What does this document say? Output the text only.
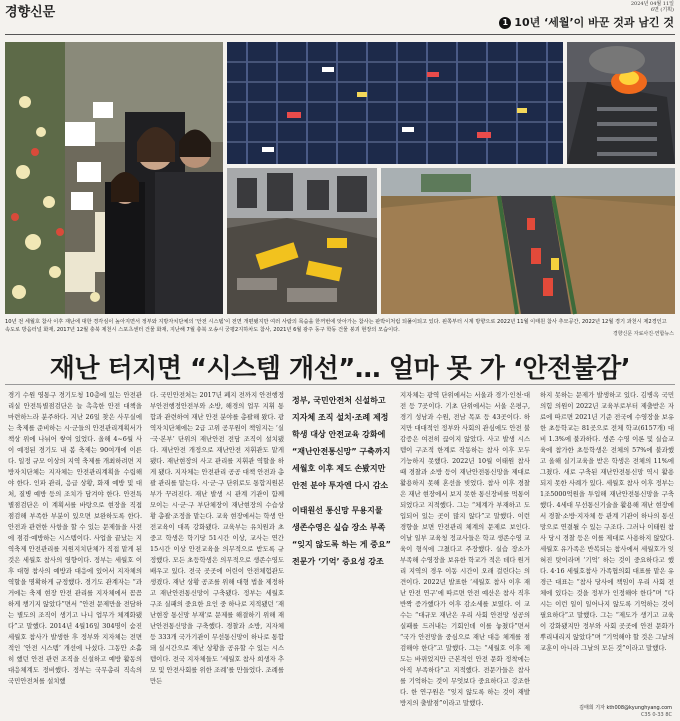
경향신문
2024년 04월 11일
6면 (기획)
1 10년 ‘세월’이 바꾼 것과 남긴 것
10년 전 세월호 참사 이후 재난에 대한 경각심이 높아지면서 정부와 지방자치단체의 ‘안전 시스템’이 전면 개편됐지만 여러 사람의 목숨을 한꺼번에 앗아가는 참사는 판박이처럼 되풀이되고 있다. 왼쪽부터 시계 방향으로 2022년 11월 이태원 참사 추모공간, 2022년 12월 경기 과천시 제2경인고
속도로 방음터널 화재, 2017년 12월 충북 제천시 스포츠센터 건물 화재, 지난해 7월 충북 오송시 궁평2지하차도 참사, 2021년 6월 광주 동구 학동 건물 붕괴 현장의 모습이다.
경향신문 자료사진·연합뉴스
재난 터지면 “시스템 개선”… 얼마 못 가 ‘안전불감’
경기 수원 영통구 경기도청 10층에 있는 안전관리실 안전특별점검단은 늘 촉촉한 안전 대책을 마련하느라 분주하다. 지난 26일 찾은 사무실에는 축제를 준비하는 시·군들의 안전관리계획서가 책상 위에 나뉘어 쌓여 있었다. 올해 4~6월 사이 예정된 경기도 내 봄 축제는 90여개에 이른다. 일정 규모 이상의 지역 축제를 개최하려면 지방자치단체는 지자체는 안전관리계획을 수립해야 한다. 인파 관리, 응급 상황, 화재 예방 및 대처, 질병 예방 등의 조치가 담겨야 한다. 안전특별점검단은 이 계획서를 바탕으로 현장을 직접 점검해 부족한 부분이 있으면 보완하도록 한다. 안전과 관련한 사항을 할 수 있는 문제들을 사전에 점검·예방하는 시스템이다. 사업을 끝났는 지역축제 안전관리를 지원지치단체가 직접 맡게 된 것은 세월호 참사의 영향이다. 정부는 세월호 이후 대형 참사의 예방과 대응에 있어서 지자체의 역할을 명확하게 규정했다. 경기도 관계자는 “과거에는 축제 현장 안전 관리를 지자체에서 꼼꼼하게 챙기지 않았다”면서 “안전 문제만을 전담하는 별도의 조직이 생기고 나니 업무가 체계화됐다”고 말했다. 2014년 4월16일 304명이 숨진 세월호 참사가 발생한 후 정부와 지자체는 전면적인 ‘안전 시스템’ 개선에 나섰다. 그동안 소홀히 했던 안전 관련 조직을 신설하고 예방 활동의 대응체계도 정비했다. 정부는 국무총리 직속의 국민안전처를 설치했
다. 국민안전처는 2017년 폐지 전까지 안전행정부안전행정안전부와 소방, 해경의 업무 지휘 통합과 관련하여 재난 안전 분야를 총괄해 왔다. 광역자치단체에는 2급 고위 공무원이 책임지는 ‘실·국·본부’ 단위의 재난안전 전담 조직이 설치됐다. 재난안전 개정으로 재난안전 지휘관도 맡게 됐다. 재난현장의 사고 관리를 지휘관 역할을 하게 됐다. 지자체는 안전관리 공공 대책 안전과 총괄 관리를 맡는다. 시·군·구 단위로도 통합지원본부가 꾸려진다. 재난 발생 시 관계 기관이 함께 모이는 시·군·구 부단체장이 재난현장의 수습상황 총괄·조정을 맡는다. 교육 현장에서는 학생 안전교육이 대폭 강화됐다. 교육부는 유치원과 초중고 학생은 학기당 51시간 이상, 교사는 연간 15시간 이상 안전교육을 의무적으로 받도록 규정했다. 모든 초등학생은 의무적으로 생존수영도 배우고 있다. 전국 곳곳에 어린이 안전체험관도 생겼다. 재난 상황 공조를 위해 대형 법을 제정하고 재난안전통신망이 구축됐다. 정부는 세월호 구조 실패의 중요한 요인 중 하나로 지적됐던 ‘재난현장 통신망 부재’로 문제를 해결하기 위해 재난안전통신망을 구축했다. 경찰과 소방, 지자체 등 333개 국가기관이 무선통신망이 하나로 통합돼 실시간으로 재난 상황을 공유할 수 있는 시스템이다. 전국 지자체들도 ‘세월호 참사 희생자 추모 및 안전사회를 위한 조례’를 만들었다. 조례를 만든
정부, 국민안전처 신설하고
지자체 조직 설치·조례 제정
학생 대상 안전교육 강화에
“재난안전통신망” 구축까지
세월호 이후 제도 손봤지만
안전 분야 투자엔 다시 감소
이태원선 통신망 무용지물
생존수영은 실습 장소 부족
“잊지 않도록 하는 게 중요”
전문가 ‘기억’ 중요성 강조
지자체는 광역 단위에서는 서울과 경기·인천·대전 등 7곳이다. 기초 단위에서는 서울 은평구, 경기 성남과 수원, 전남 목포 등 43곳이다. 하지만 대대적인 정부와 사회의 관심에도 안전 불감증은 여전히 끊이지 않았다. 사고 발생 시스템이 구조적 한계로 작동하는 참사 이후 모두 기능하지 못했다. 2022년 10월 이태원 참사 때 경찰과 소방 등이 재난안전통신망을 제대로 활용하지 못해 혼선을 빚었다. 참사 이후 경찰은 재난 현장에서 보지 못한 통신장비를 먹통이 되었다고 지적했다. 그는 “체계가 부재하고 도입되어 있는 곳이 많지 않다”고 말했다. 이런 경향을 보면 안전관리 체계의 문제로 보인다. 이날 일부 교육청 정교사들은 학교 생존수영 교육이 형식에 그쳤다고 주장했다. 실습 장소가 부족해 수영장을 보유한 학교가 적은 데다 원거리 지역의 경우 이동 시간이 오래 걸린다는 의견이다. 2022년 발표한 ‘세월호 참사 이후 재난 안전 연구’에 따르면 안전 예산은 참사 직후 반짝 증가했다가 이후 감소세를 보였다. 이 교수는 “대규모 재난은 우리 사회 안전망 성공의 실패를 드러내는 기회인데 이를 놓쳤다”면서 “국가 안전망을 중심으로 재난 대응 체계를 점검해야 한다”고 말했다. 그는 “세월호 이후 제도는 바뀌었지만 근본적인 안전 문화 정착에는 아직 부족하다”고 지적했다. 전문가들은 참사를 기억하는 것이 무엇보다 중요하다고 강조한다. 한 연구원은 “잊지 않도록 하는 것이 재발 방지의 출발점”이라고 말했다.
하지 못하는 문제가 발생하고 있다. 김병옥 국민의힘 의원이 2022년 교육부로부터 제출받은 자료에 따르면 2021년 기준 전국에 수영장을 보유한 초등학교는 81곳으로 전체 학교(6157개) 대비 1.3%에 불과하다. 생존 수영 이론 및 실습교육에 참가한 초등학생은 전체의 57%에 불과했고 올해 실기교육을 받은 학생은 전체의 11%에 그쳤다. 새로 구축된 재난안전통신망 역시 활용되지 못한 사례가 있다. 세월호 참사 이후 정부는 1조5000억원을 투입해 재난안전통신망을 구축했다. 4세대 무선통신기술을 활용해 재난 현장에서 경찰·소방·지자체 등 관계 기관이 하나의 통신망으로 연결될 수 있는 구조다. 그러나 이태원 참사 당시 경찰 등은 이를 제대로 사용하지 않았다. 세월호 유가족은 반복되는 참사에서 세월호가 잊혀진 탓이라며 ‘기억’ 하는 것이 중요하다고 했다. 4·16 세월호참사 가족협의회 대표를 맡은 유경근 대표는 “참사 당사에 책임이 우리 사회 전체에 있다는 것을 정부가 인정해야 한다”며 “다시는 이런 일이 일어나지 않도록 기억하는 것이 필요하다”고 말했다. 그는 “제도가 생기고 교육이 강화됐지만 정부와 사회 곳곳에 안전 문화가 뿌리내리지 않았다”며 “기억해야 할 것은 그날의 교훈이 아니라 그날의 모든 것”이라고 말했다.
김태희 기자 kth008@kyunghyang.com
C35 0-33 8C
